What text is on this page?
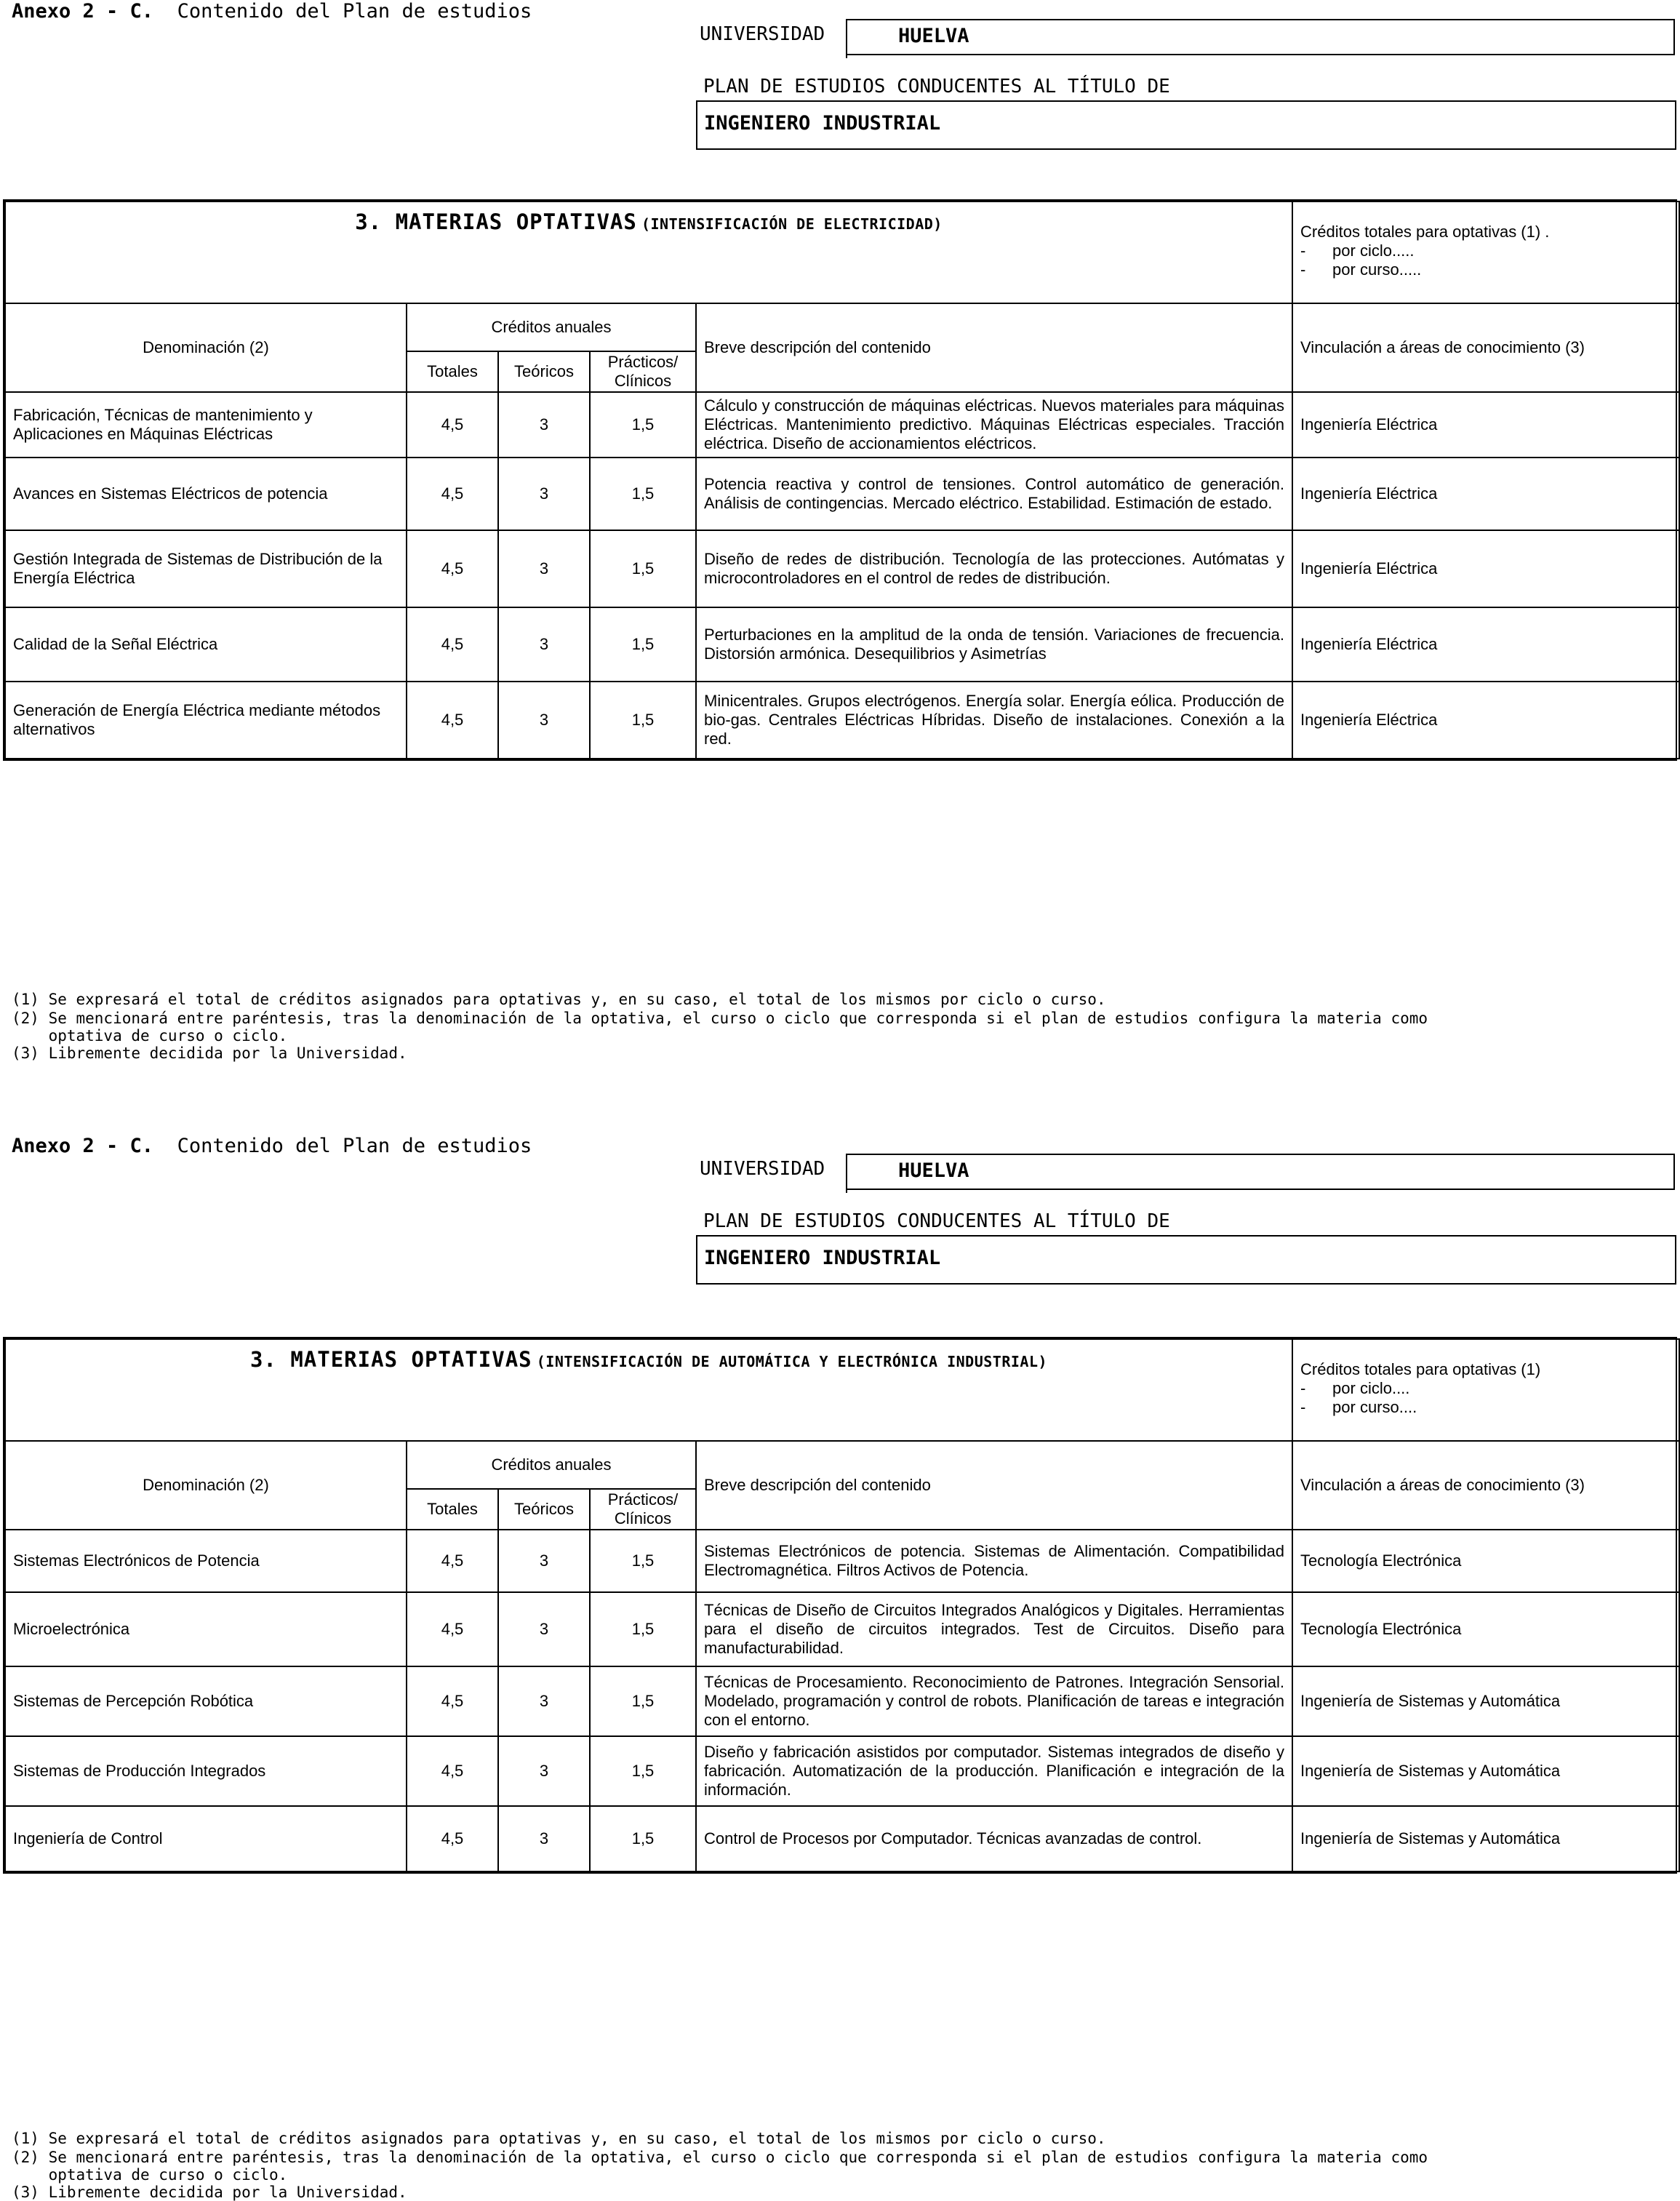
Anexo 2 - C. Contenido del Plan de estudios
UNIVERSIDAD	HUELVA
PLAN DE ESTUDIOS CONDUCENTES AL TÍTULO DE
INGENIERO INDUSTRIAL
3. MATERIAS OPTATIVAS (INTENSIFICACIÓN DE ELECTRICIDAD)					Créditos totales para optativas (1) .
-      por ciclo.....
-      por curso.....

Denominación (2)	Créditos anuales			Breve descripción del contenido	Vinculación a áreas de conocimiento (3)
	Totales	Teóricos	Prácticos/ Clínicos		
Fabricación, Técnicas de mantenimiento y Aplicaciones en Máquinas Eléctricas	4,5	3	1,5	Cálculo y construcción de máquinas eléctricas. Nuevos materiales para máquinas Eléctricas. Mantenimiento predictivo. Máquinas Eléctricas especiales. Tracción eléctrica. Diseño de accionamientos eléctricos.	Ingeniería Eléctrica
Avances en Sistemas Eléctricos de potencia	4,5	3	1,5	Potencia reactiva y control de tensiones. Control automático de generación. Análisis de contingencias. Mercado eléctrico. Estabilidad. Estimación de estado.	Ingeniería Eléctrica
Gestión Integrada de Sistemas de Distribución de la Energía Eléctrica	4,5	3	1,5	Diseño de redes de distribución. Tecnología de las protecciones. Autómatas y microcontroladores en el control de redes de distribución.	Ingeniería Eléctrica
Calidad de la Señal Eléctrica	4,5	3	1,5	Perturbaciones en la amplitud de la onda de tensión. Variaciones de frecuencia. Distorsión armónica. Desequilibrios y Asimetrías	Ingeniería Eléctrica
Generación de Energía Eléctrica mediante métodos alternativos	4,5	3	1,5	Minicentrales. Grupos electrógenos. Energía solar. Energía eólica. Producción de bio-gas. Centrales Eléctricas Híbridas. Diseño de instalaciones. Conexión a la red.	Ingeniería Eléctrica
(1) Se expresará el total de créditos asignados para optativas y, en su caso, el total de los mismos por ciclo o curso.
(2) Se mencionará entre paréntesis, tras la denominación de la optativa, el curso o ciclo que corresponda si el plan de estudios configura la materia como
optativa de curso o ciclo.
(3) Libremente decidida por la Universidad.
Anexo 2 - C. Contenido del Plan de estudios
UNIVERSIDAD	HUELVA
PLAN DE ESTUDIOS CONDUCENTES AL TÍTULO DE
INGENIERO INDUSTRIAL
3. MATERIAS OPTATIVAS (INTENSIFICACIÓN DE AUTOMÁTICA Y ELECTRÓNICA INDUSTRIAL)					Créditos totales para optativas (1)
-      por ciclo....
-      por curso....

Denominación (2)	Créditos anuales			Breve descripción del contenido	Vinculación a áreas de conocimiento (3)
	Totales	Teóricos	Prácticos/ Clínicos		
Sistemas Electrónicos de Potencia	4,5	3	1,5	Sistemas Electrónicos de potencia. Sistemas de Alimentación. Compatibilidad Electromagnética. Filtros Activos de Potencia.	Tecnología Electrónica
Microelectrónica	4,5	3	1,5	Técnicas de Diseño de Circuitos Integrados Analógicos y Digitales. Herramientas para el diseño de circuitos integrados. Test de Circuitos. Diseño para manufacturabilidad.	Tecnología Electrónica
Sistemas de Percepción Robótica	4,5	3	1,5	Técnicas de Procesamiento. Reconocimiento de Patrones. Integración Sensorial. Modelado, programación y control de robots. Planificación de tareas e integración con el entorno.	Ingeniería de Sistemas y Automática
Sistemas de Producción Integrados	4,5	3	1,5	Diseño y fabricación asistidos por computador. Sistemas integrados de diseño y fabricación. Automatización de la producción. Planificación e integración de la información.	Ingeniería de Sistemas y Automática
Ingeniería de Control	4,5	3	1,5	Control de Procesos por Computador. Técnicas avanzadas de control.	Ingeniería de Sistemas y Automática
(1) Se expresará el total de créditos asignados para optativas y, en su caso, el total de los mismos por ciclo o curso.
(2) Se mencionará entre paréntesis, tras la denominación de la optativa, el curso o ciclo que corresponda si el plan de estudios configura la materia como
optativa de curso o ciclo.
(3) Libremente decidida por la Universidad.
